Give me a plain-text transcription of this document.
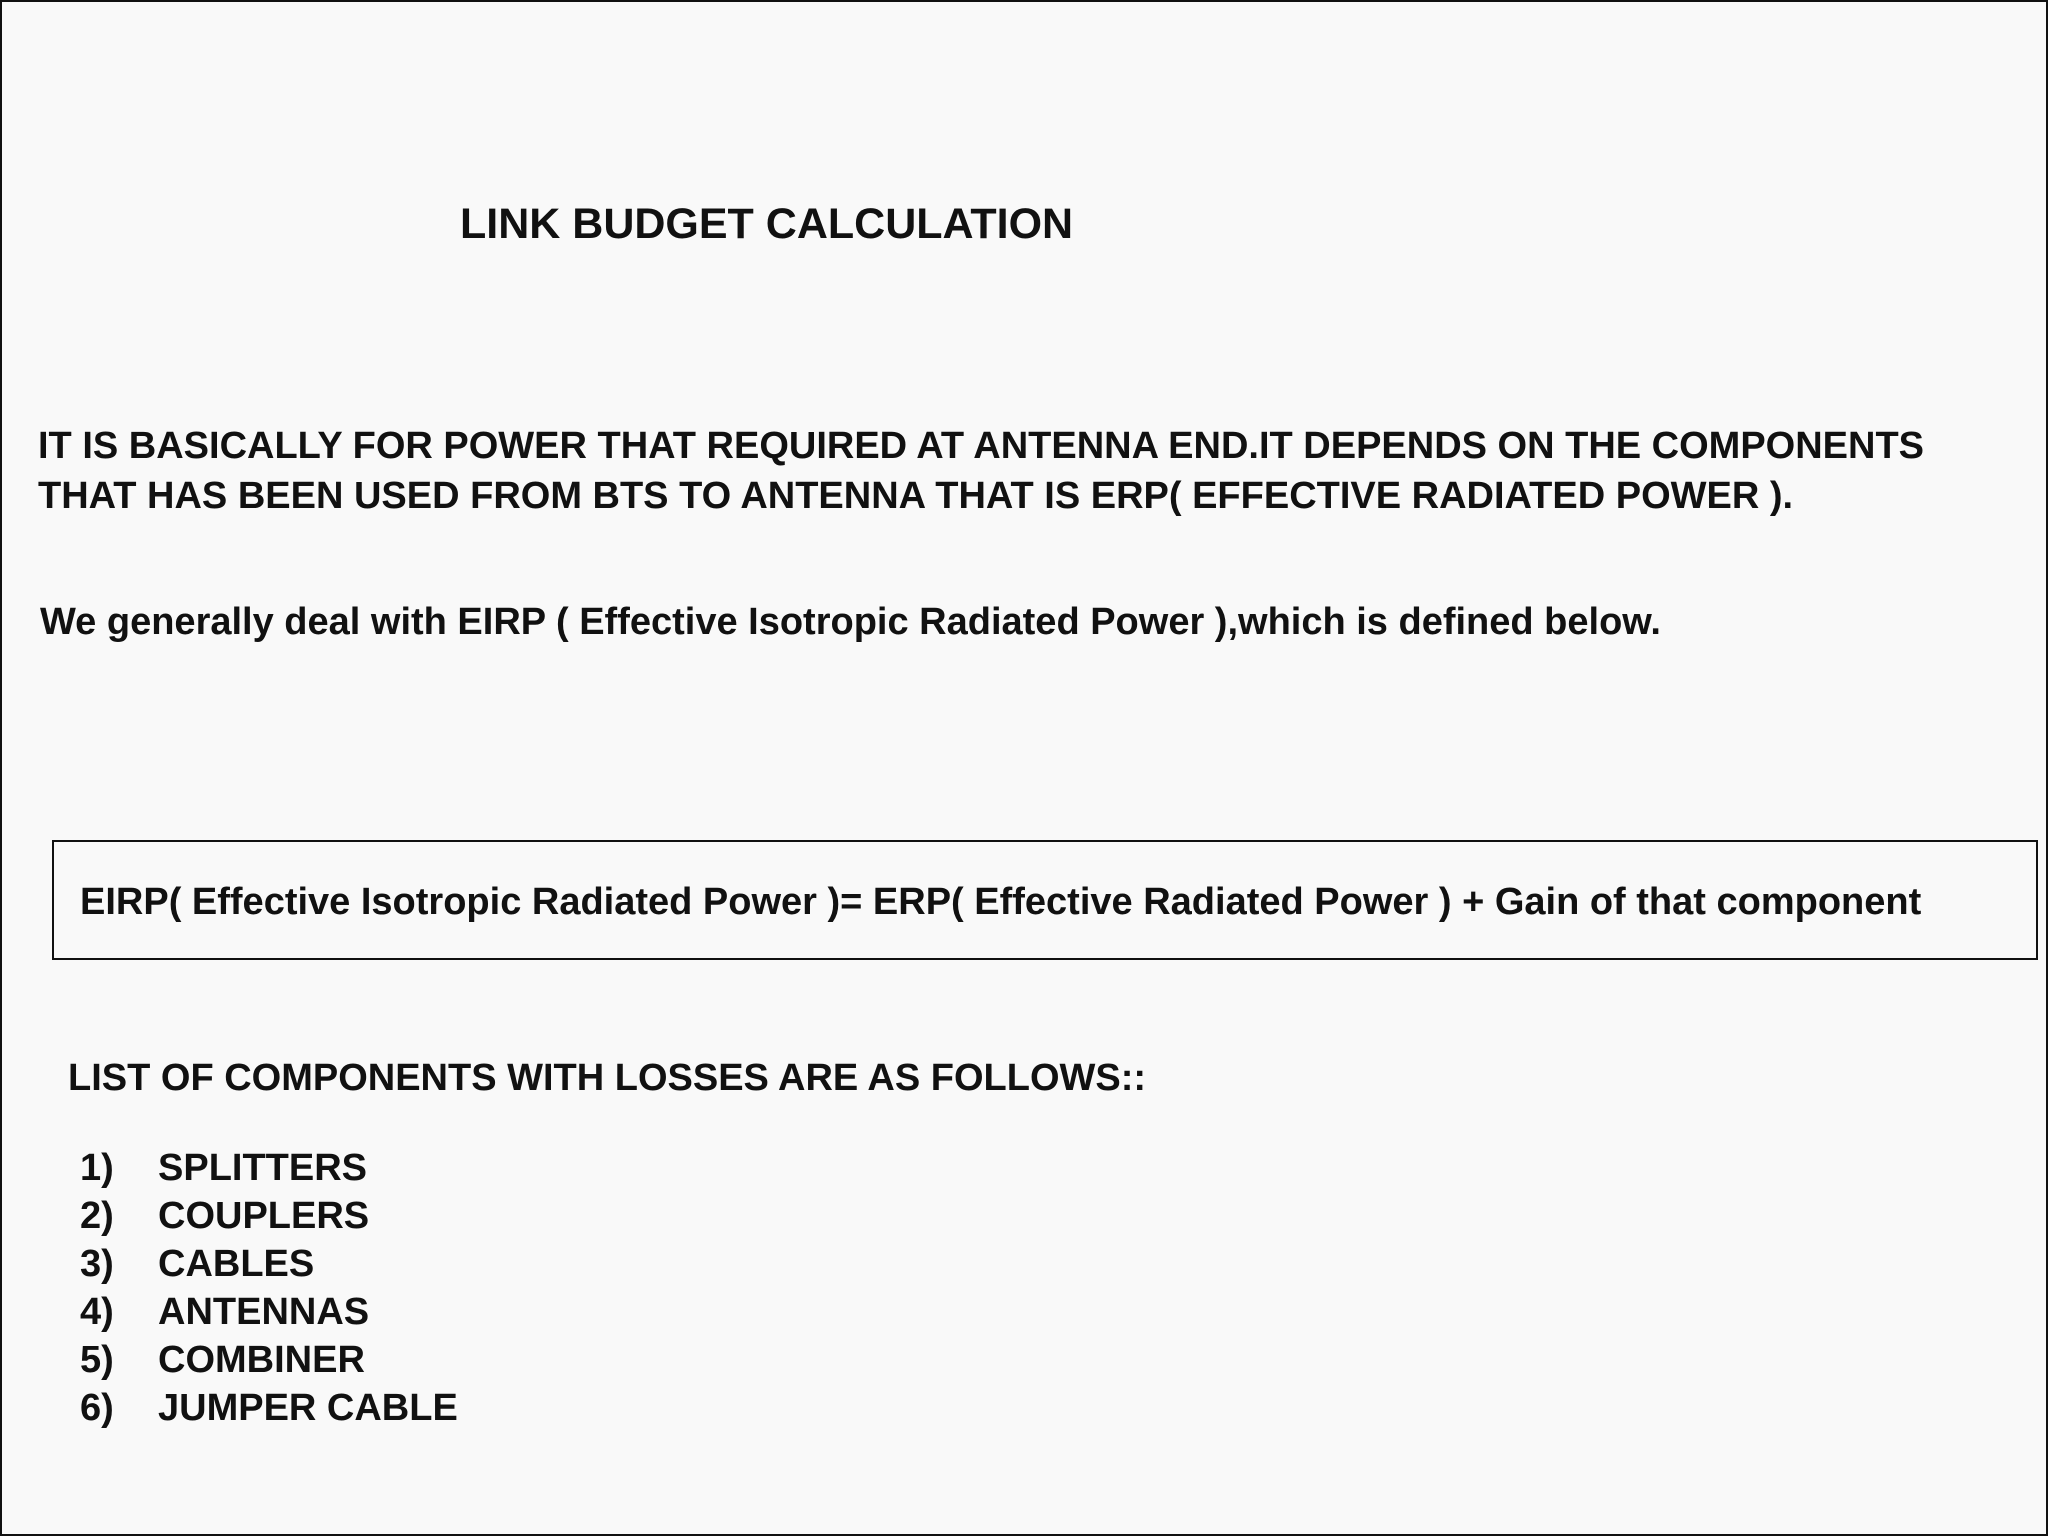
LINK BUDGET CALCULATION
IT IS BASICALLY FOR POWER THAT REQUIRED AT ANTENNA END.IT DEPENDS ON THE COMPONENTS
THAT HAS BEEN USED FROM BTS TO ANTENNA THAT IS ERP( EFFECTIVE RADIATED POWER ).
We generally deal with EIRP ( Effective Isotropic Radiated Power ),which is defined below.
EIRP( Effective Isotropic Radiated Power )= ERP( Effective Radiated Power ) + Gain of that component
LIST OF COMPONENTS WITH LOSSES ARE AS FOLLOWS::
1)	SPLITTERS
2)	COUPLERS
3)	CABLES
4)	ANTENNAS
5)	COMBINER
6)	JUMPER CABLE
